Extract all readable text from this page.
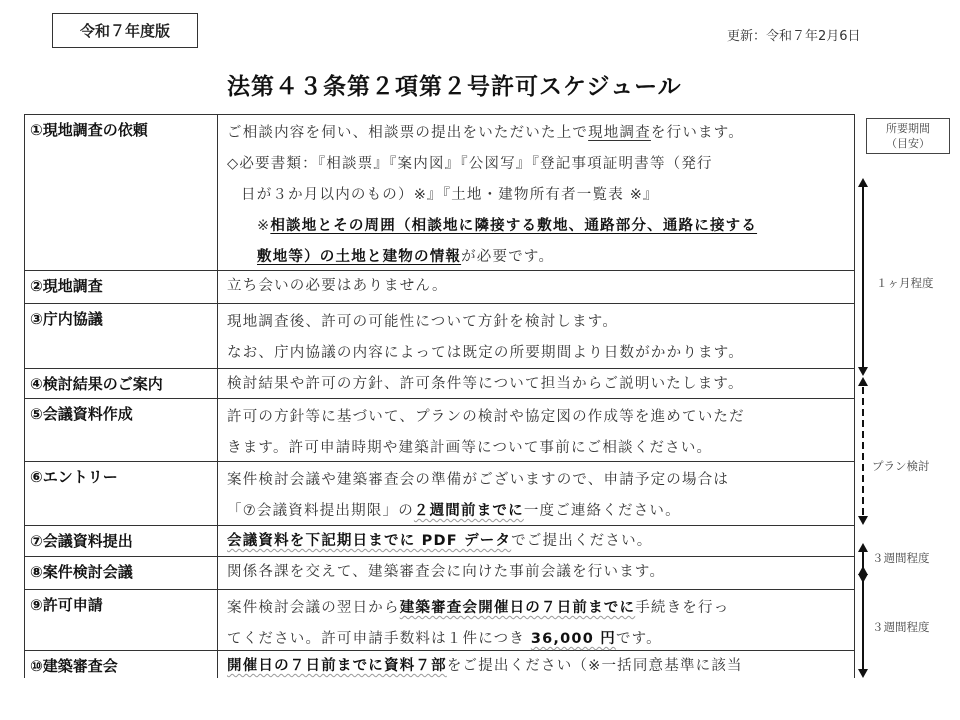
令和７年度版	更新：令和７年2月6日
法第４３条第２項第２号許可スケジュール
①現地調査の依頼	ご相談内容を伺い、相談票の提出をいただいた上で現地調査を行います。
◇必要書類：『相談票』『案内図』『公図写』『登記事項証明書等（発行
日が３か月以内のもの）※』『土地・建物所有者一覧表 ※』
※相談地とその周囲（相談地に隣接する敷地、通路部分、通路に接する
敷地等）の土地と建物の情報が必要です。
②現地調査	立ち会いの必要はありません。
③庁内協議	現地調査後、許可の可能性について方針を検討します。
なお、庁内協議の内容によっては既定の所要期間より日数がかかります。
④検討結果のご案内	検討結果や許可の方針、許可条件等について担当からご説明いたします。
⑤会議資料作成	許可の方針等に基づいて、プランの検討や協定図の作成等を進めていただ
きます。許可申請時期や建築計画等について事前にご相談ください。
⑥エントリー	案件検討会議や建築審査会の準備がございますので、申請予定の場合は
「⑦会議資料提出期限」の２週間前までに一度ご連絡ください。
⑦会議資料提出	会議資料を下記期日までに PDF データでご提出ください。
⑧案件検討会議	関係各課を交えて、建築審査会に向けた事前会議を行います。
⑨許可申請	案件検討会議の翌日から建築審査会開催日の７日前までに手続きを行っ
てください。許可申請手数料は１件につき 36,000 円です。
⑩建築審査会	開催日の７日前までに資料７部をご提出ください（※一括同意基準に該当
所要期間
（目安）
１ヶ月程度
プラン検討
３週間程度
３週間程度
